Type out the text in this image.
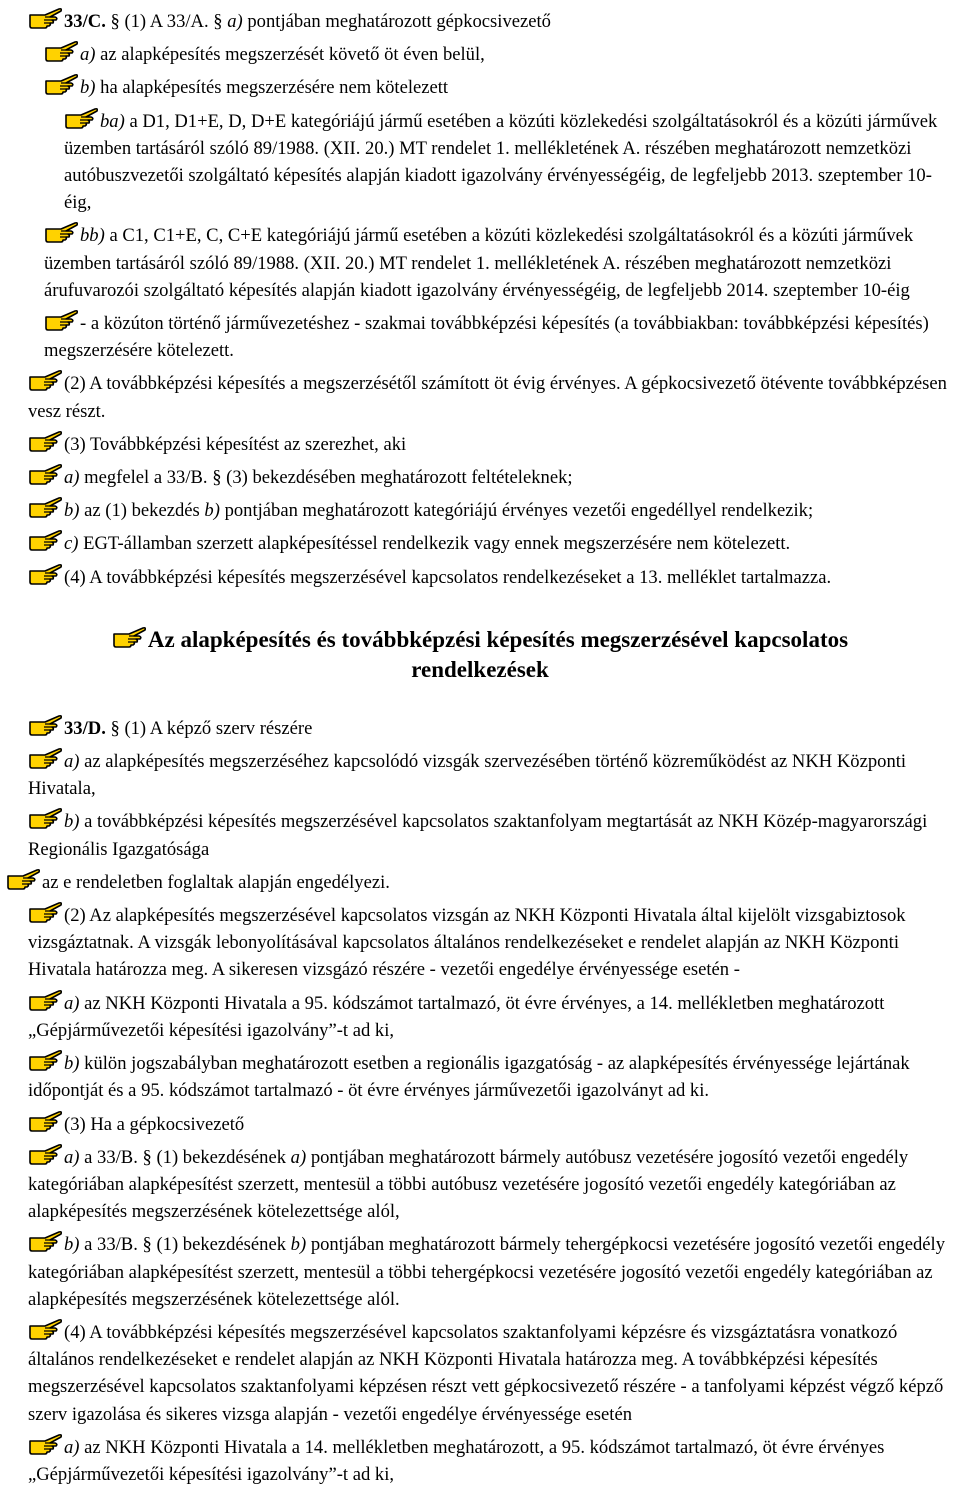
33/C. § (1) A 33/A. § a) pontjában meghatározott gépkocsivezető

a) az alapképesítés megszerzését követő öt éven belül,

b) ha alapképesítés megszerzésére nem kötelezett

ba) a D1, D1+E, D, D+E kategóriájú jármű esetében a közúti közlekedési szolgáltatásokról és a közúti járművek üzemben tartásáról szóló 89/1988. (XII. 20.) MT rendelet 1. mellékletének A. részében meghatározott nemzetközi autóbuszvezetői szolgáltató képesítés alapján kiadott igazolvány érvényességéig, de legfeljebb 2013. szeptember 10-éig,

bb) a C1, C1+E, C, C+E kategóriájú jármű esetében a közúti közlekedési szolgáltatásokról és a közúti járművek üzemben tartásáról szóló 89/1988. (XII. 20.) MT rendelet 1. mellékletének A. részében meghatározott nemzetközi árufuvarozói szolgáltató képesítés alapján kiadott igazolvány érvényességéig, de legfeljebb 2014. szeptember 10-éig

- a közúton történő járművezetéshez - szakmai továbbképzési képesítés (a továbbiakban: továbbképzési képesítés) megszerzésére kötelezett.

(2) A továbbképzési képesítés a megszerzésétől számított öt évig érvényes. A gépkocsivezető ötévente továbbképzésen vesz részt.

(3) Továbbképzési képesítést az szerezhet, aki

a) megfelel a 33/B. § (3) bekezdésében meghatározott feltételeknek;

b) az (1) bekezdés b) pontjában meghatározott kategóriájú érvényes vezetői engedéllyel rendelkezik;

c) EGT-államban szerzett alapképesítéssel rendelkezik vagy ennek megszerzésére nem kötelezett.

(4) A továbbképzési képesítés megszerzésével kapcsolatos rendelkezéseket a 13. melléklet tartalmazza.

Az alapképesítés és továbbképzési képesítés megszerzésével kapcsolatos rendelkezések

33/D. § (1) A képző szerv részére

a) az alapképesítés megszerzéséhez kapcsolódó vizsgák szervezésében történő közreműködést az NKH Központi Hivatala,

b) a továbbképzési képesítés megszerzésével kapcsolatos szaktanfolyam megtartását az NKH Közép-magyarországi Regionális Igazgatósága

az e rendeletben foglaltak alapján engedélyezi.

(2) Az alapképesítés megszerzésével kapcsolatos vizsgán az NKH Központi Hivatala által kijelölt vizsgabiztosok vizsgáztatnak. A vizsgák lebonyolításával kapcsolatos általános rendelkezéseket e rendelet alapján az NKH Központi Hivatala határozza meg. A sikeresen vizsgázó részére - vezetői engedélye érvényessége esetén -

a) az NKH Központi Hivatala a 95. kódszámot tartalmazó, öt évre érvényes, a 14. mellékletben meghatározott „Gépjárművezetői képesítési igazolvány”-t ad ki,

b) külön jogszabályban meghatározott esetben a regionális igazgatóság - az alapképesítés érvényessége lejártának időpontját és a 95. kódszámot tartalmazó - öt évre érvényes járművezetői igazolványt ad ki.

(3) Ha a gépkocsivezető

a) a 33/B. § (1) bekezdésének a) pontjában meghatározott bármely autóbusz vezetésére jogosító vezetői engedély kategóriában alapképesítést szerzett, mentesül a többi autóbusz vezetésére jogosító vezetői engedély kategóriában az alapképesítés megszerzésének kötelezettsége alól,

b) a 33/B. § (1) bekezdésének b) pontjában meghatározott bármely tehergépkocsi vezetésére jogosító vezetői engedély kategóriában alapképesítést szerzett, mentesül a többi tehergépkocsi vezetésére jogosító vezetői engedély kategóriában az alapképesítés megszerzésének kötelezettsége alól.

(4) A továbbképzési képesítés megszerzésével kapcsolatos szaktanfolyami képzésre és vizsgáztatásra vonatkozó általános rendelkezéseket e rendelet alapján az NKH Központi Hivatala határozza meg. A továbbképzési képesítés megszerzésével kapcsolatos szaktanfolyami képzésen részt vett gépkocsivezető részére - a tanfolyami képzést végző képző szerv igazolása és sikeres vizsga alapján - vezetői engedélye érvényessége esetén

a) az NKH Központi Hivatala a 14. mellékletben meghatározott, a 95. kódszámot tartalmazó, öt évre érvényes „Gépjárművezetői képesítési igazolvány”-t ad ki,
